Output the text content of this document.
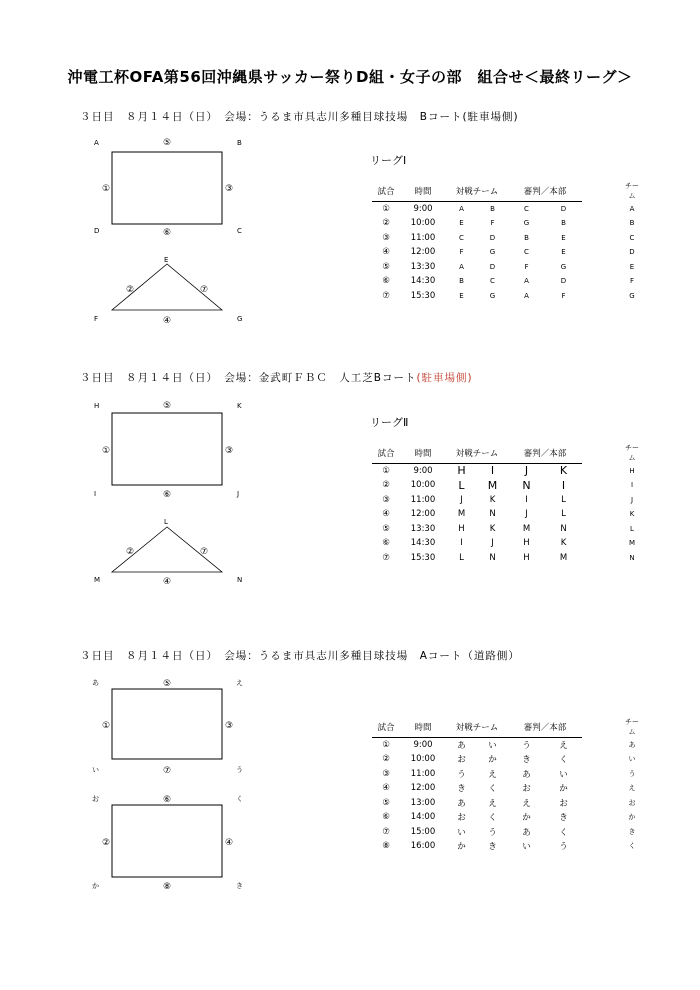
沖電工杯OFA第56回沖縄県サッカー祭りD組・女子の部　組合せ＜最終リーグ＞
３日目　８月１４日（日）　会場：うるま市具志川多種目球技場　Bコート(駐車場側)
A	B
D	C
E
F	G
⑤
①	③
⑥
②	⑦
④
リーグⅠ
試合	時間	対戦チーム		審判／本部			チーム
①	9:00	A	B	C	D		A
②	10:00	E	F	G	B		B
③	11:00	C	D	B	E		C
④	12:00	F	G	C	E		D
⑤	13:30	A	D	F	G		E
⑥	14:30	B	C	A	D		F
⑦	15:30	E	G	A	F		G
３日目　８月１４日（日）　会場：金武町ＦＢＣ　人工芝Bコート(駐車場側)
H	K
I	J
L
M	N
⑤
①	③
⑥
②	⑦
④
リーグⅡ
試合	時間	対戦チーム		審判／本部			チーム
①	9:00	H	I	J	K		H
②	10:00	L	M	N	I		I
③	11:00	J	K	I	L		J
④	12:00	M	N	J	L		K
⑤	13:30	H	K	M	N		L
⑥	14:30	I	J	H	K		M
⑦	15:30	L	N	H	M		N
３日目　８月１４日（日）　会場：うるま市具志川多種目球技場　Aコート（道路側）
あ	え
い	う
お	く
か	き
⑤
①	③
⑦
⑥
②	④
⑧
試合	時間	対戦チーム		審判／本部			チーム
①	9:00	あ	い	う	え		あ
②	10:00	お	か	き	く		い
③	11:00	う	え	あ	い		う
④	12:00	き	く	お	か		え
⑤	13:00	あ	え	え	お		お
⑥	14:00	お	く	か	き		か
⑦	15:00	い	う	あ	く		き
⑧	16:00	か	き	い	う		く
